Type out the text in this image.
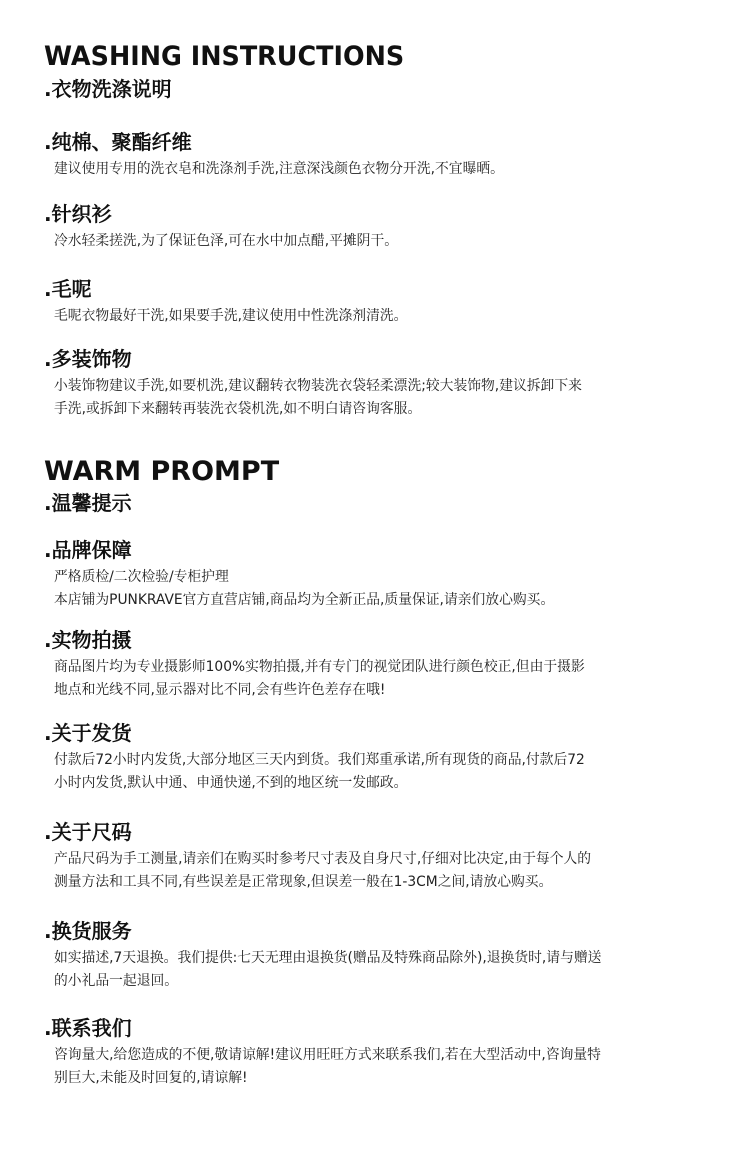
WASHING INSTRUCTIONS
.衣物洗涤说明
.纯棉、聚酯纤维
建议使用专用的洗衣皂和洗涤剂手洗,注意深浅颜色衣物分开洗,不宜曝晒。
.针织衫
冷水轻柔搓洗,为了保证色泽,可在水中加点醋,平摊阴干。
.毛呢
毛呢衣物最好干洗,如果要手洗,建议使用中性洗涤剂清洗。
.多装饰物
小装饰物建议手洗,如要机洗,建议翻转衣物装洗衣袋轻柔漂洗;较大装饰物,建议拆卸下来
手洗,或拆卸下来翻转再装洗衣袋机洗,如不明白请咨询客服。
WARM PROMPT
.温馨提示
.品牌保障
严格质检/二次检验/专柜护理
本店铺为PUNKRAVE官方直营店铺,商品均为全新正品,质量保证,请亲们放心购买。
.实物拍摄
商品图片均为专业摄影师100%实物拍摄,并有专门的视觉团队进行颜色校正,但由于摄影
地点和光线不同,显示器对比不同,会有些许色差存在哦!
.关于发货
付款后72小时内发货,大部分地区三天内到货。我们郑重承诺,所有现货的商品,付款后72
小时内发货,默认中通、申通快递,不到的地区统一发邮政。
.关于尺码
产品尺码为手工测量,请亲们在购买时参考尺寸表及自身尺寸,仔细对比决定,由于每个人的
测量方法和工具不同,有些误差是正常现象,但误差一般在1-3CM之间,请放心购买。
.换货服务
如实描述,7天退换。我们提供:七天无理由退换货(赠品及特殊商品除外),退换货时,请与赠送
的小礼品一起退回。
.联系我们
咨询量大,给您造成的不便,敬请谅解!建议用旺旺方式来联系我们,若在大型活动中,咨询量特
别巨大,未能及时回复的,请谅解!
